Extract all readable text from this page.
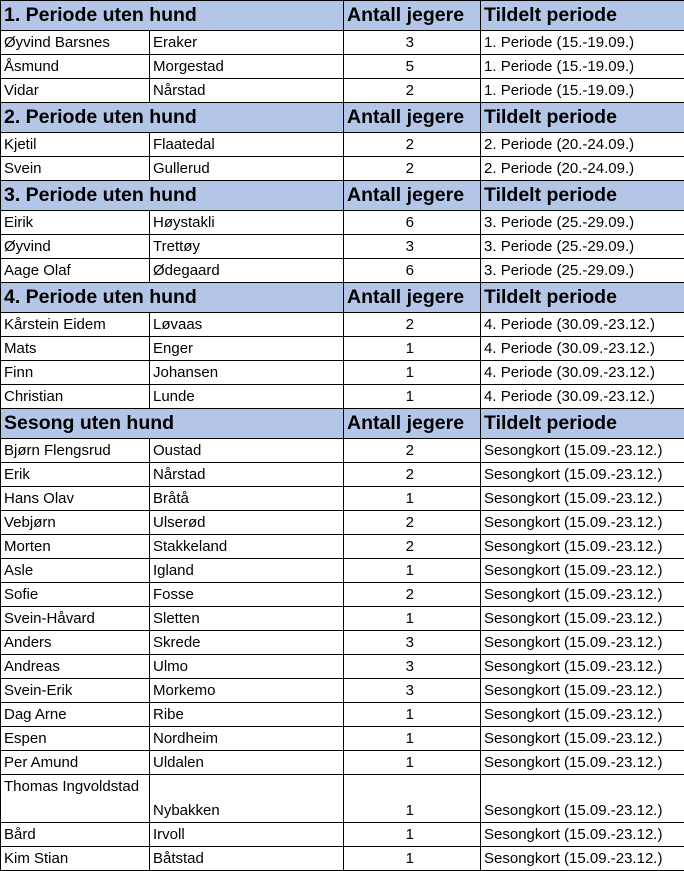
1. Periode uten hund		Antall jegere	Tildelt periode
Øyvind Barsnes	Eraker	3	1. Periode (15.-19.09.)
Åsmund	Morgestad	5	1. Periode (15.-19.09.)
Vidar	Nårstad	2	1. Periode (15.-19.09.)
2. Periode uten hund		Antall jegere	Tildelt periode
Kjetil	Flaatedal	2	2. Periode (20.-24.09.)
Svein	Gullerud	2	2. Periode (20.-24.09.)
3. Periode uten hund		Antall jegere	Tildelt periode
Eirik	Høystakli	6	3. Periode (25.-29.09.)
Øyvind	Trettøy	3	3. Periode (25.-29.09.)
Aage Olaf	Ødegaard	6	3. Periode (25.-29.09.)
4. Periode uten hund		Antall jegere	Tildelt periode
Kårstein Eidem	Løvaas	2	4. Periode (30.09.-23.12.)
Mats	Enger	1	4. Periode (30.09.-23.12.)
Finn	Johansen	1	4. Periode (30.09.-23.12.)
Christian	Lunde	1	4. Periode (30.09.-23.12.)
Sesong uten hund		Antall jegere	Tildelt periode
Bjørn Flengsrud	Oustad	2	Sesongkort (15.09.-23.12.)
Erik	Nårstad	2	Sesongkort (15.09.-23.12.)
Hans Olav	Bråtå	1	Sesongkort (15.09.-23.12.)
Vebjørn	Ulserød	2	Sesongkort (15.09.-23.12.)
Morten	Stakkeland	2	Sesongkort (15.09.-23.12.)
Asle	Igland	1	Sesongkort (15.09.-23.12.)
Sofie	Fosse	2	Sesongkort (15.09.-23.12.)
Svein-Håvard	Sletten	1	Sesongkort (15.09.-23.12.)
Anders	Skrede	3	Sesongkort (15.09.-23.12.)
Andreas	Ulmo	3	Sesongkort (15.09.-23.12.)
Svein-Erik	Morkemo	3	Sesongkort (15.09.-23.12.)
Dag Arne	Ribe	1	Sesongkort (15.09.-23.12.)
Espen	Nordheim	1	Sesongkort (15.09.-23.12.)
Per Amund	Uldalen	1	Sesongkort (15.09.-23.12.)
Thomas Ingvoldstad	Nybakken	1	Sesongkort (15.09.-23.12.)
Bård	Irvoll	1	Sesongkort (15.09.-23.12.)
Kim Stian	Båtstad	1	Sesongkort (15.09.-23.12.)
